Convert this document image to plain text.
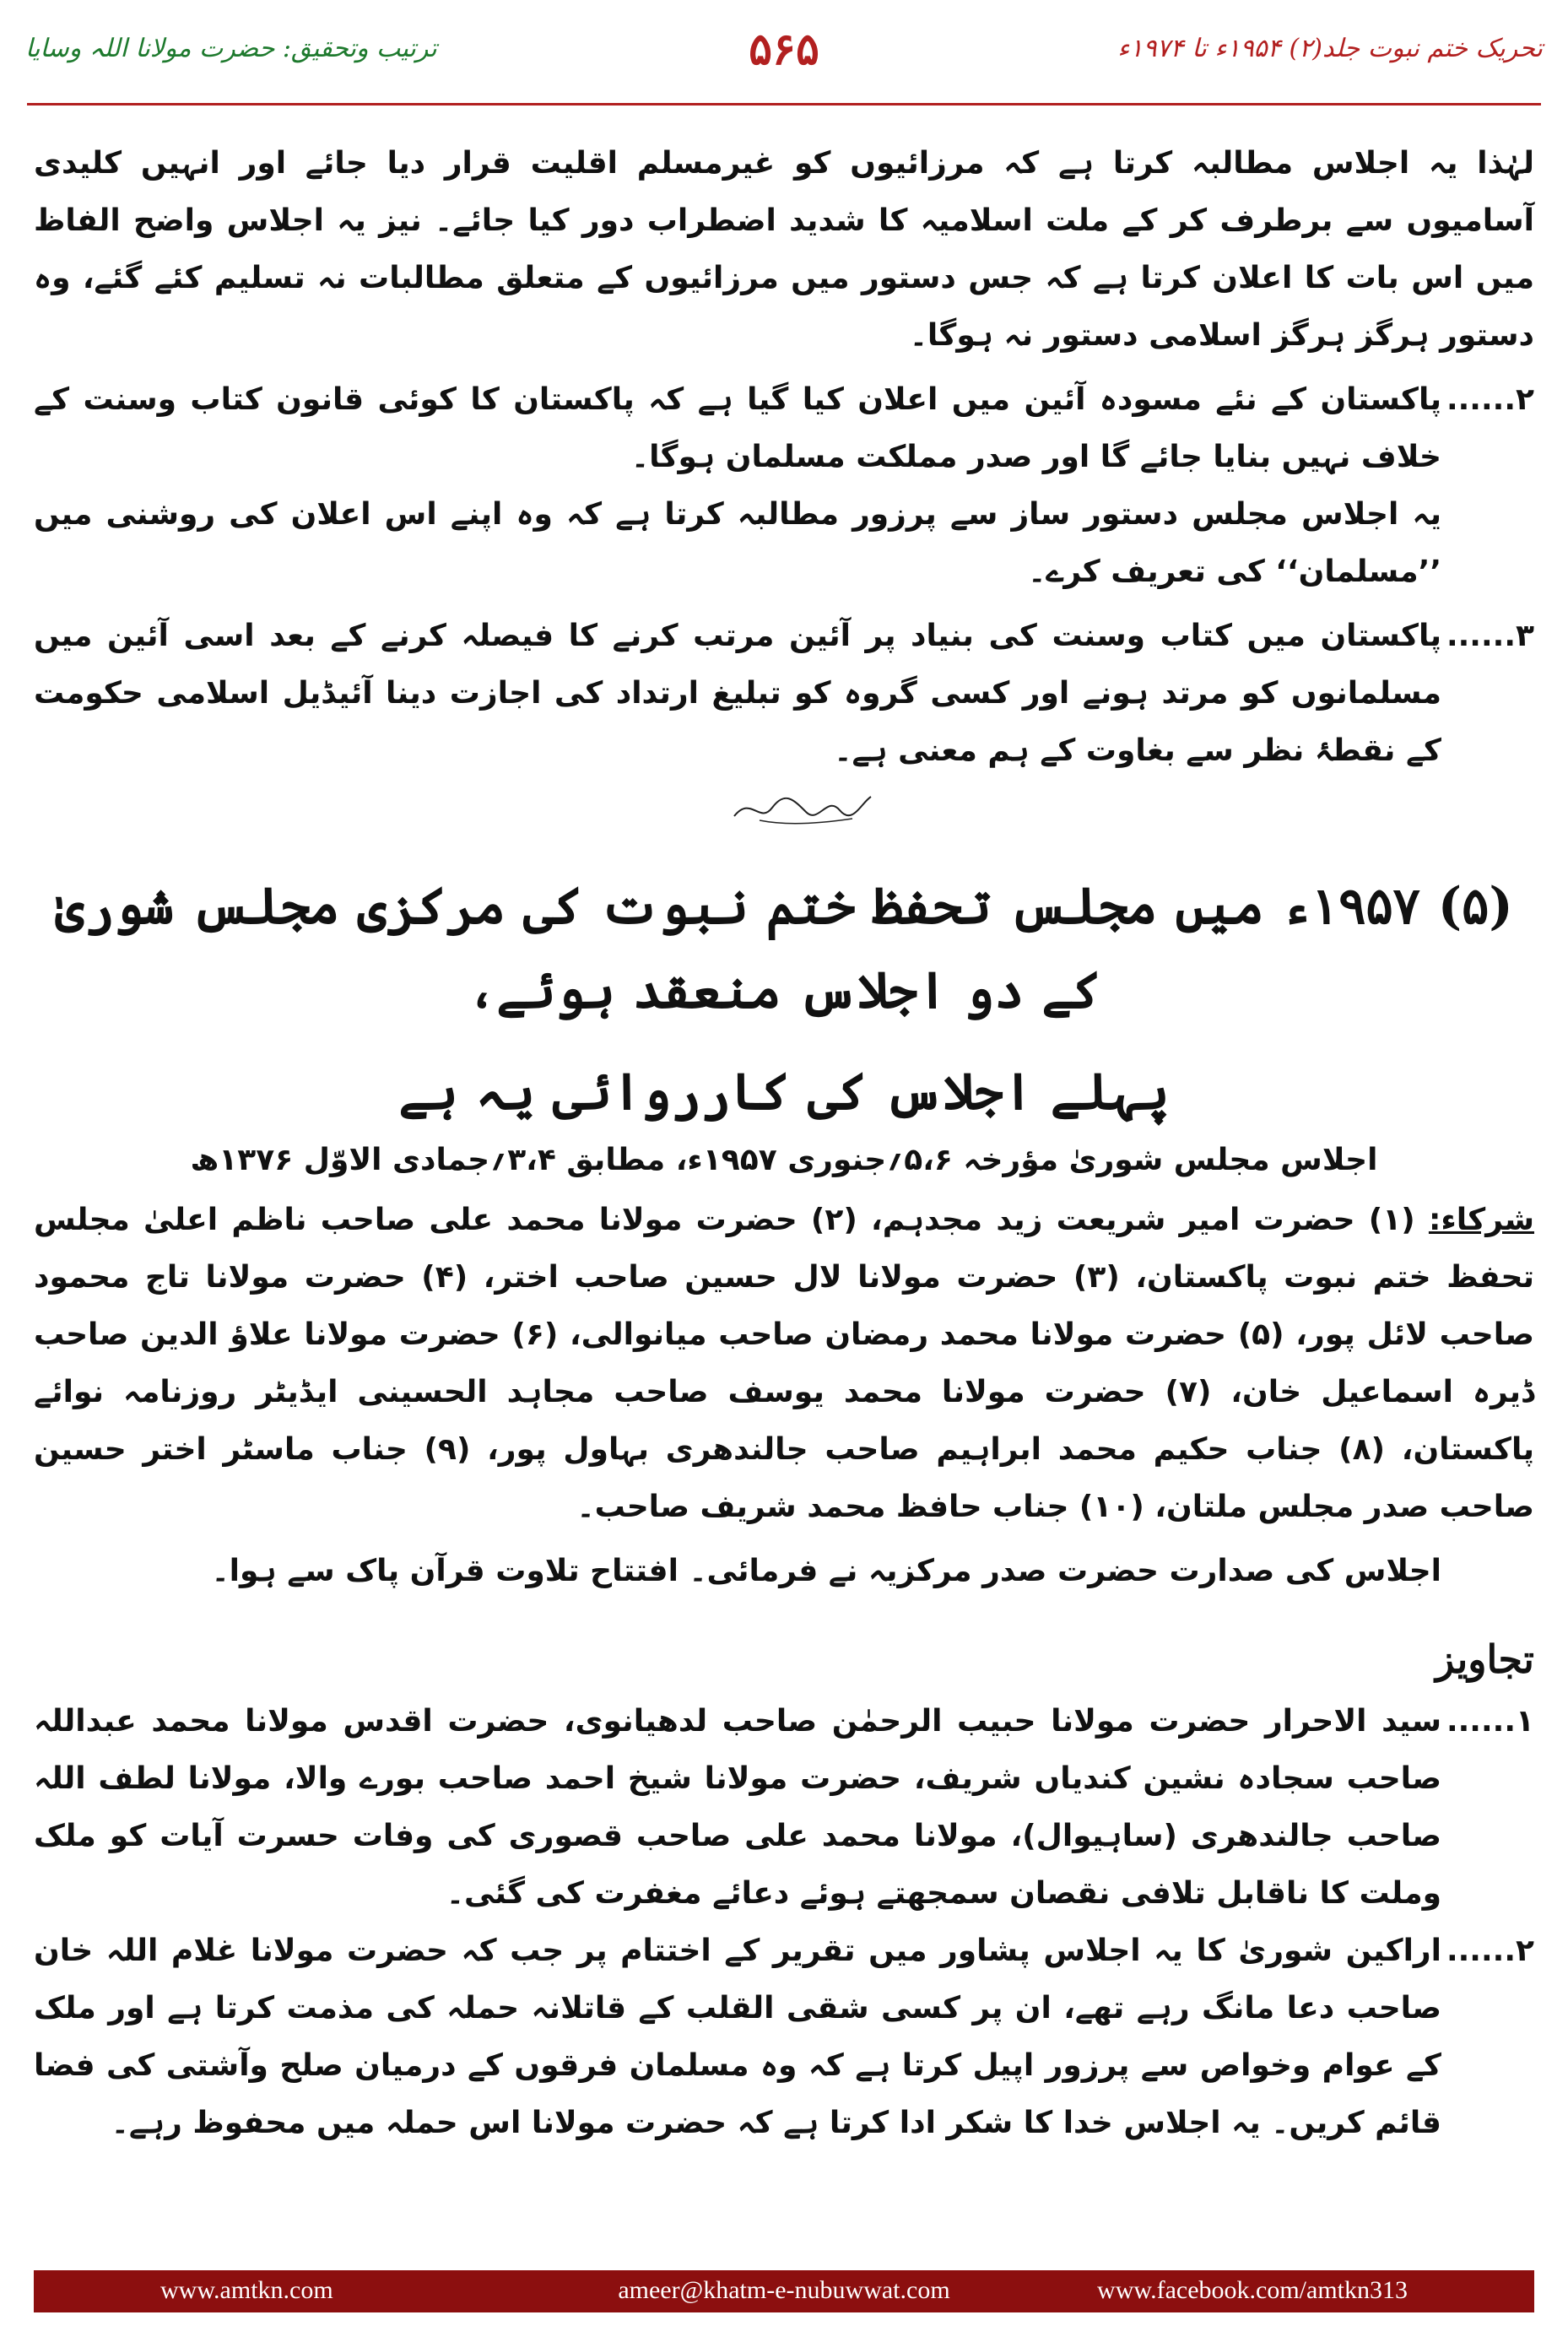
ترتیب وتحقیق: حضرت مولانا اللہ وسایا	۵۶۵	تحریک ختم نبوت جلد(۲) ۱۹۵۴ء تا ۱۹۷۴ء

لہٰذا یہ اجلاس مطالبہ کرتا ہے کہ مرزائیوں کو غیرمسلم اقلیت قرار دیا جائے اور انہیں کلیدی آسامیوں سے برطرف کر کے ملت اسلامیہ کا شدید اضطراب دور کیا جائے۔ نیز یہ اجلاس واضح الفاظ میں اس بات کا اعلان کرتا ہے کہ جس دستور میں مرزائیوں کے متعلق مطالبات نہ تسلیم کئے گئے، وہ دستور ہرگز ہرگز اسلامی دستور نہ ہوگا۔

۲......
پاکستان کے نئے مسودہ آئین میں اعلان کیا گیا ہے کہ پاکستان کا کوئی قانون کتاب وسنت کے خلاف نہیں بنایا جائے گا اور صدر مملکت مسلمان ہوگا۔
یہ اجلاس مجلس دستور ساز سے پرزور مطالبہ کرتا ہے کہ وہ اپنے اس اعلان کی روشنی میں ’’مسلمان‘‘ کی تعریف کرے۔
۳......
پاکستان میں کتاب وسنت کی بنیاد پر آئین مرتب کرنے کا فیصلہ کرنے کے بعد اسی آئین میں مسلمانوں کو مرتد ہونے اور کسی گروہ کو تبلیغ ارتداد کی اجازت دینا آئیڈیل اسلامی حکومت کے نقطۂ نظر سے بغاوت کے ہم معنی ہے۔
(۵) ۱۹۵۷ء میں مجلس تحفظ ختم نبوت کی مرکزی مجلس شوریٰ کے دو اجلاس منعقد ہوئے،
پہلے اجلاس کی کارروائی یہ ہے
اجلاس مجلس شوریٰ مؤرخہ ۵،۶؍جنوری ۱۹۵۷ء، مطابق ۳،۴؍جمادی الاوّل ۱۳۷۶ھ

شرکاء: (۱) حضرت امیر شریعت زید مجدہم، (۲) حضرت مولانا محمد علی صاحب ناظم اعلیٰ مجلس تحفظ ختم نبوت پاکستان، (۳) حضرت مولانا لال حسین صاحب اختر، (۴) حضرت مولانا تاج محمود صاحب لائل پور، (۵) حضرت مولانا محمد رمضان صاحب میانوالی، (۶) حضرت مولانا علاؤ الدین صاحب ڈیرہ اسماعیل خان، (۷) حضرت مولانا محمد یوسف صاحب مجاہد الحسینی ایڈیٹر روزنامہ نوائے پاکستان، (۸) جناب حکیم محمد ابراہیم صاحب جالندھری بہاول پور، (۹) جناب ماسٹر اختر حسین صاحب صدر مجلس ملتان، (۱۰) جناب حافظ محمد شریف صاحب۔

اجلاس کی صدارت حضرت صدر مرکزیہ نے فرمائی۔ افتتاح تلاوت قرآن پاک سے ہوا۔
تجاویز
۱......
سید الاحرار حضرت مولانا حبیب الرحمٰن صاحب لدھیانوی، حضرت اقدس مولانا محمد عبداللہ صاحب سجادہ نشین کندیاں شریف، حضرت مولانا شیخ احمد صاحب بورے والا، مولانا لطف اللہ صاحب جالندھری (ساہیوال)، مولانا محمد علی صاحب قصوری کی وفات حسرت آیات کو ملک وملت کا ناقابل تلافی نقصان سمجھتے ہوئے دعائے مغفرت کی گئی۔
۲......
اراکین شوریٰ کا یہ اجلاس پشاور میں تقریر کے اختتام پر جب کہ حضرت مولانا غلام اللہ خان صاحب دعا مانگ رہے تھے، ان پر کسی شقی القلب کے قاتلانہ حملہ کی مذمت کرتا ہے اور ملک کے عوام وخواص سے پرزور اپیل کرتا ہے کہ وہ مسلمان فرقوں کے درمیان صلح وآشتی کی فضا قائم کریں۔ یہ اجلاس خدا کا شکر ادا کرتا ہے کہ حضرت مولانا اس حملہ میں محفوظ رہے۔
www.amtkn.com	ameer@khatm-e-nubuwwat.com	www.facebook.com/amtkn313
